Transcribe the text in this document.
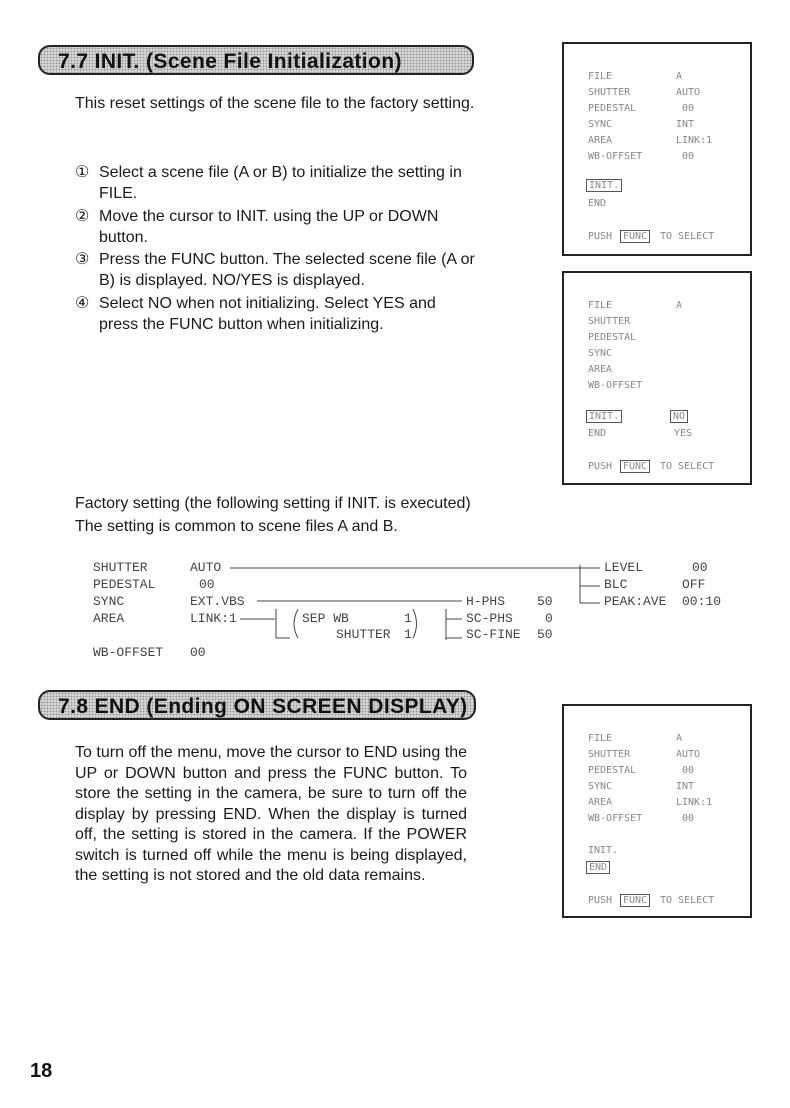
7.7 INIT. (Scene File Initialization)
This reset settings of the scene file to the factory setting.
① Select a scene file (A or B) to initialize the setting in FILE.
② Move the cursor to INIT. using the UP or DOWN button.
③ Press the FUNC button. The selected scene file (A or B) is displayed. NO/YES is displayed.
④ Select NO when not initializing. Select YES and press the FUNC button when initializing.
FILE	A
SHUTTER	AUTO
PEDESTAL	00
SYNC	INT
AREA	LINK:1
WB-OFFSET	00
INIT.
END
PUSH	FUNC	TO SELECT
FILE	A
SHUTTER
PEDESTAL
SYNC
AREA
WB-OFFSET
INIT.	NO
END	YES
PUSH	FUNC	TO SELECT
Factory setting (the following setting if INIT. is executed)
The setting is common to scene files A and B.
SHUTTER	AUTO
PEDESTAL	00
SYNC	EXT.VBS
AREA	LINK:1
WB-OFFSET 00
SEP WB	1
SHUTTER 1
H-PHS 50
SC-PHS 0
SC-FINE 50
LEVEL	00
BLC	OFF
PEAK:AVE 00:10
7.8 END (Ending ON SCREEN DISPLAY)
To turn off the menu, move the cursor to END using the UP or DOWN button and press the FUNC button. To store the setting in the camera, be sure to turn off the display by pressing END. When the display is turned off, the setting is stored in the camera. If the POWER switch is turned off while the menu is being displayed, the setting is not stored and the old data remains.
FILE	A
SHUTTER	AUTO
PEDESTAL	00
SYNC	INT
AREA	LINK:1
WB-OFFSET	00
INIT.
END
PUSH	FUNC	TO SELECT
18
